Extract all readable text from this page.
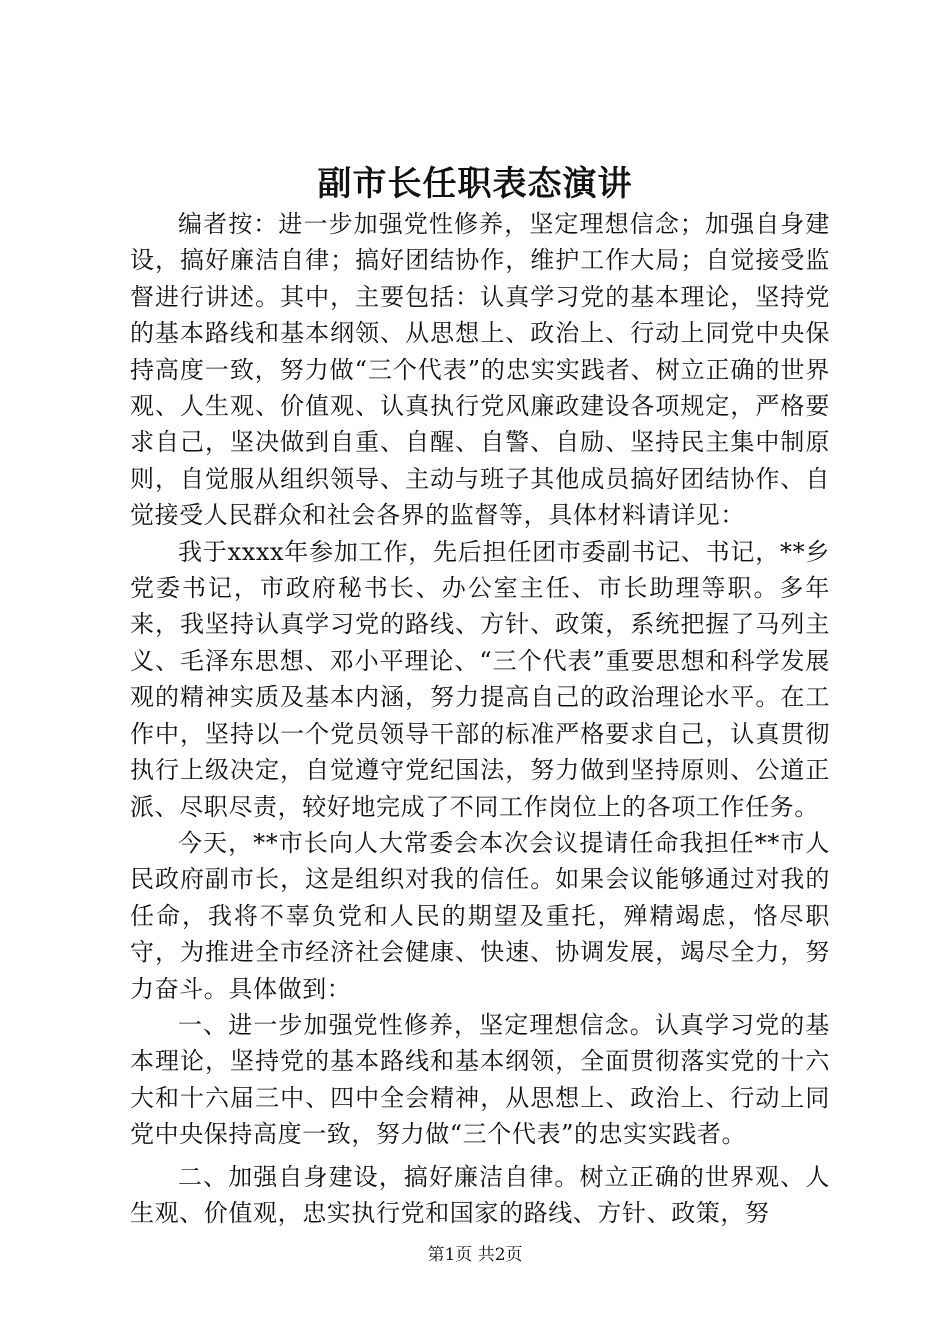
副市长任职表态演讲

编者按：进一步加强党性修养，坚定理想信念；加强自身建设，搞好廉洁自律；搞好团结协作，维护工作大局；自觉接受监督进行讲述。其中，主要包括：认真学习党的基本理论，坚持党的基本路线和基本纲领、从思想上、政治上、行动上同党中央保持高度一致，努力做“三个代表”的忠实实践者、树立正确的世界观、人生观、价值观、认真执行党风廉政建设各项规定，严格要求自己，坚决做到自重、自醒、自警、自励、坚持民主集中制原则，自觉服从组织领导、主动与班子其他成员搞好团结协作、自觉接受人民群众和社会各界的监督等，具体材料请详见：

我于xxxx年参加工作，先后担任团市委副书记、书记，**乡党委书记，市政府秘书长、办公室主任、市长助理等职。多年来，我坚持认真学习党的路线、方针、政策，系统把握了马列主义、毛泽东思想、邓小平理论、“三个代表”重要思想和科学发展观的精神实质及基本内涵，努力提高自己的政治理论水平。在工作中，坚持以一个党员领导干部的标准严格要求自己，认真贯彻执行上级决定，自觉遵守党纪国法，努力做到坚持原则、公道正派、尽职尽责，较好地完成了不同工作岗位上的各项工作任务。

今天，**市长向人大常委会本次会议提请任命我担任**市人民政府副市长，这是组织对我的信任。如果会议能够通过对我的任命，我将不辜负党和人民的期望及重托，殚精竭虑，恪尽职守，为推进全市经济社会健康、快速、协调发展，竭尽全力，努力奋斗。具体做到：

一、进一步加强党性修养，坚定理想信念。认真学习党的基本理论，坚持党的基本路线和基本纲领，全面贯彻落实党的十六大和十六届三中、四中全会精神，从思想上、政治上、行动上同党中央保持高度一致，努力做“三个代表”的忠实实践者。

二、加强自身建设，搞好廉洁自律。树立正确的世界观、人生观、价值观，忠实执行党和国家的路线、方针、政策，努

第1页 共2页
